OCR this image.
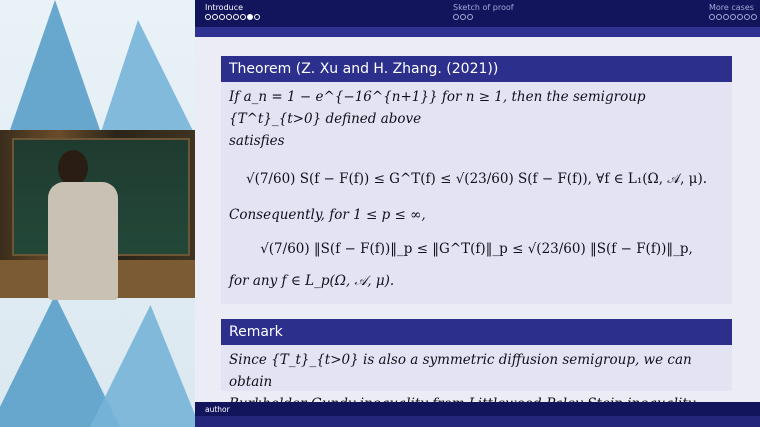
Introduce	Sketch of proof	More cases
Theorem (Z. Xu and H. Zhang. (2021))
If a_n = 1 − e^{−16^{n+1}} for n ≥ 1, then the semigroup {T^t}_{t>0} defined above
satisfies
√(7/60) S(f − F(f)) ≤ G^T(f) ≤ √(23/60) S(f − F(f)), ∀f ∈ L₁(Ω, 𝒜, μ).
Consequently, for 1 ≤ p ≤ ∞,
√(7/60) ‖S(f − F(f))‖_p ≤ ‖G^T(f)‖_p ≤ √(23/60) ‖S(f − F(f))‖_p,
for any f ∈ L_p(Ω, 𝒜, μ).
Remark
Since {T_t}_{t>0} is also a symmetric diffusion semigroup, we can obtain
author
